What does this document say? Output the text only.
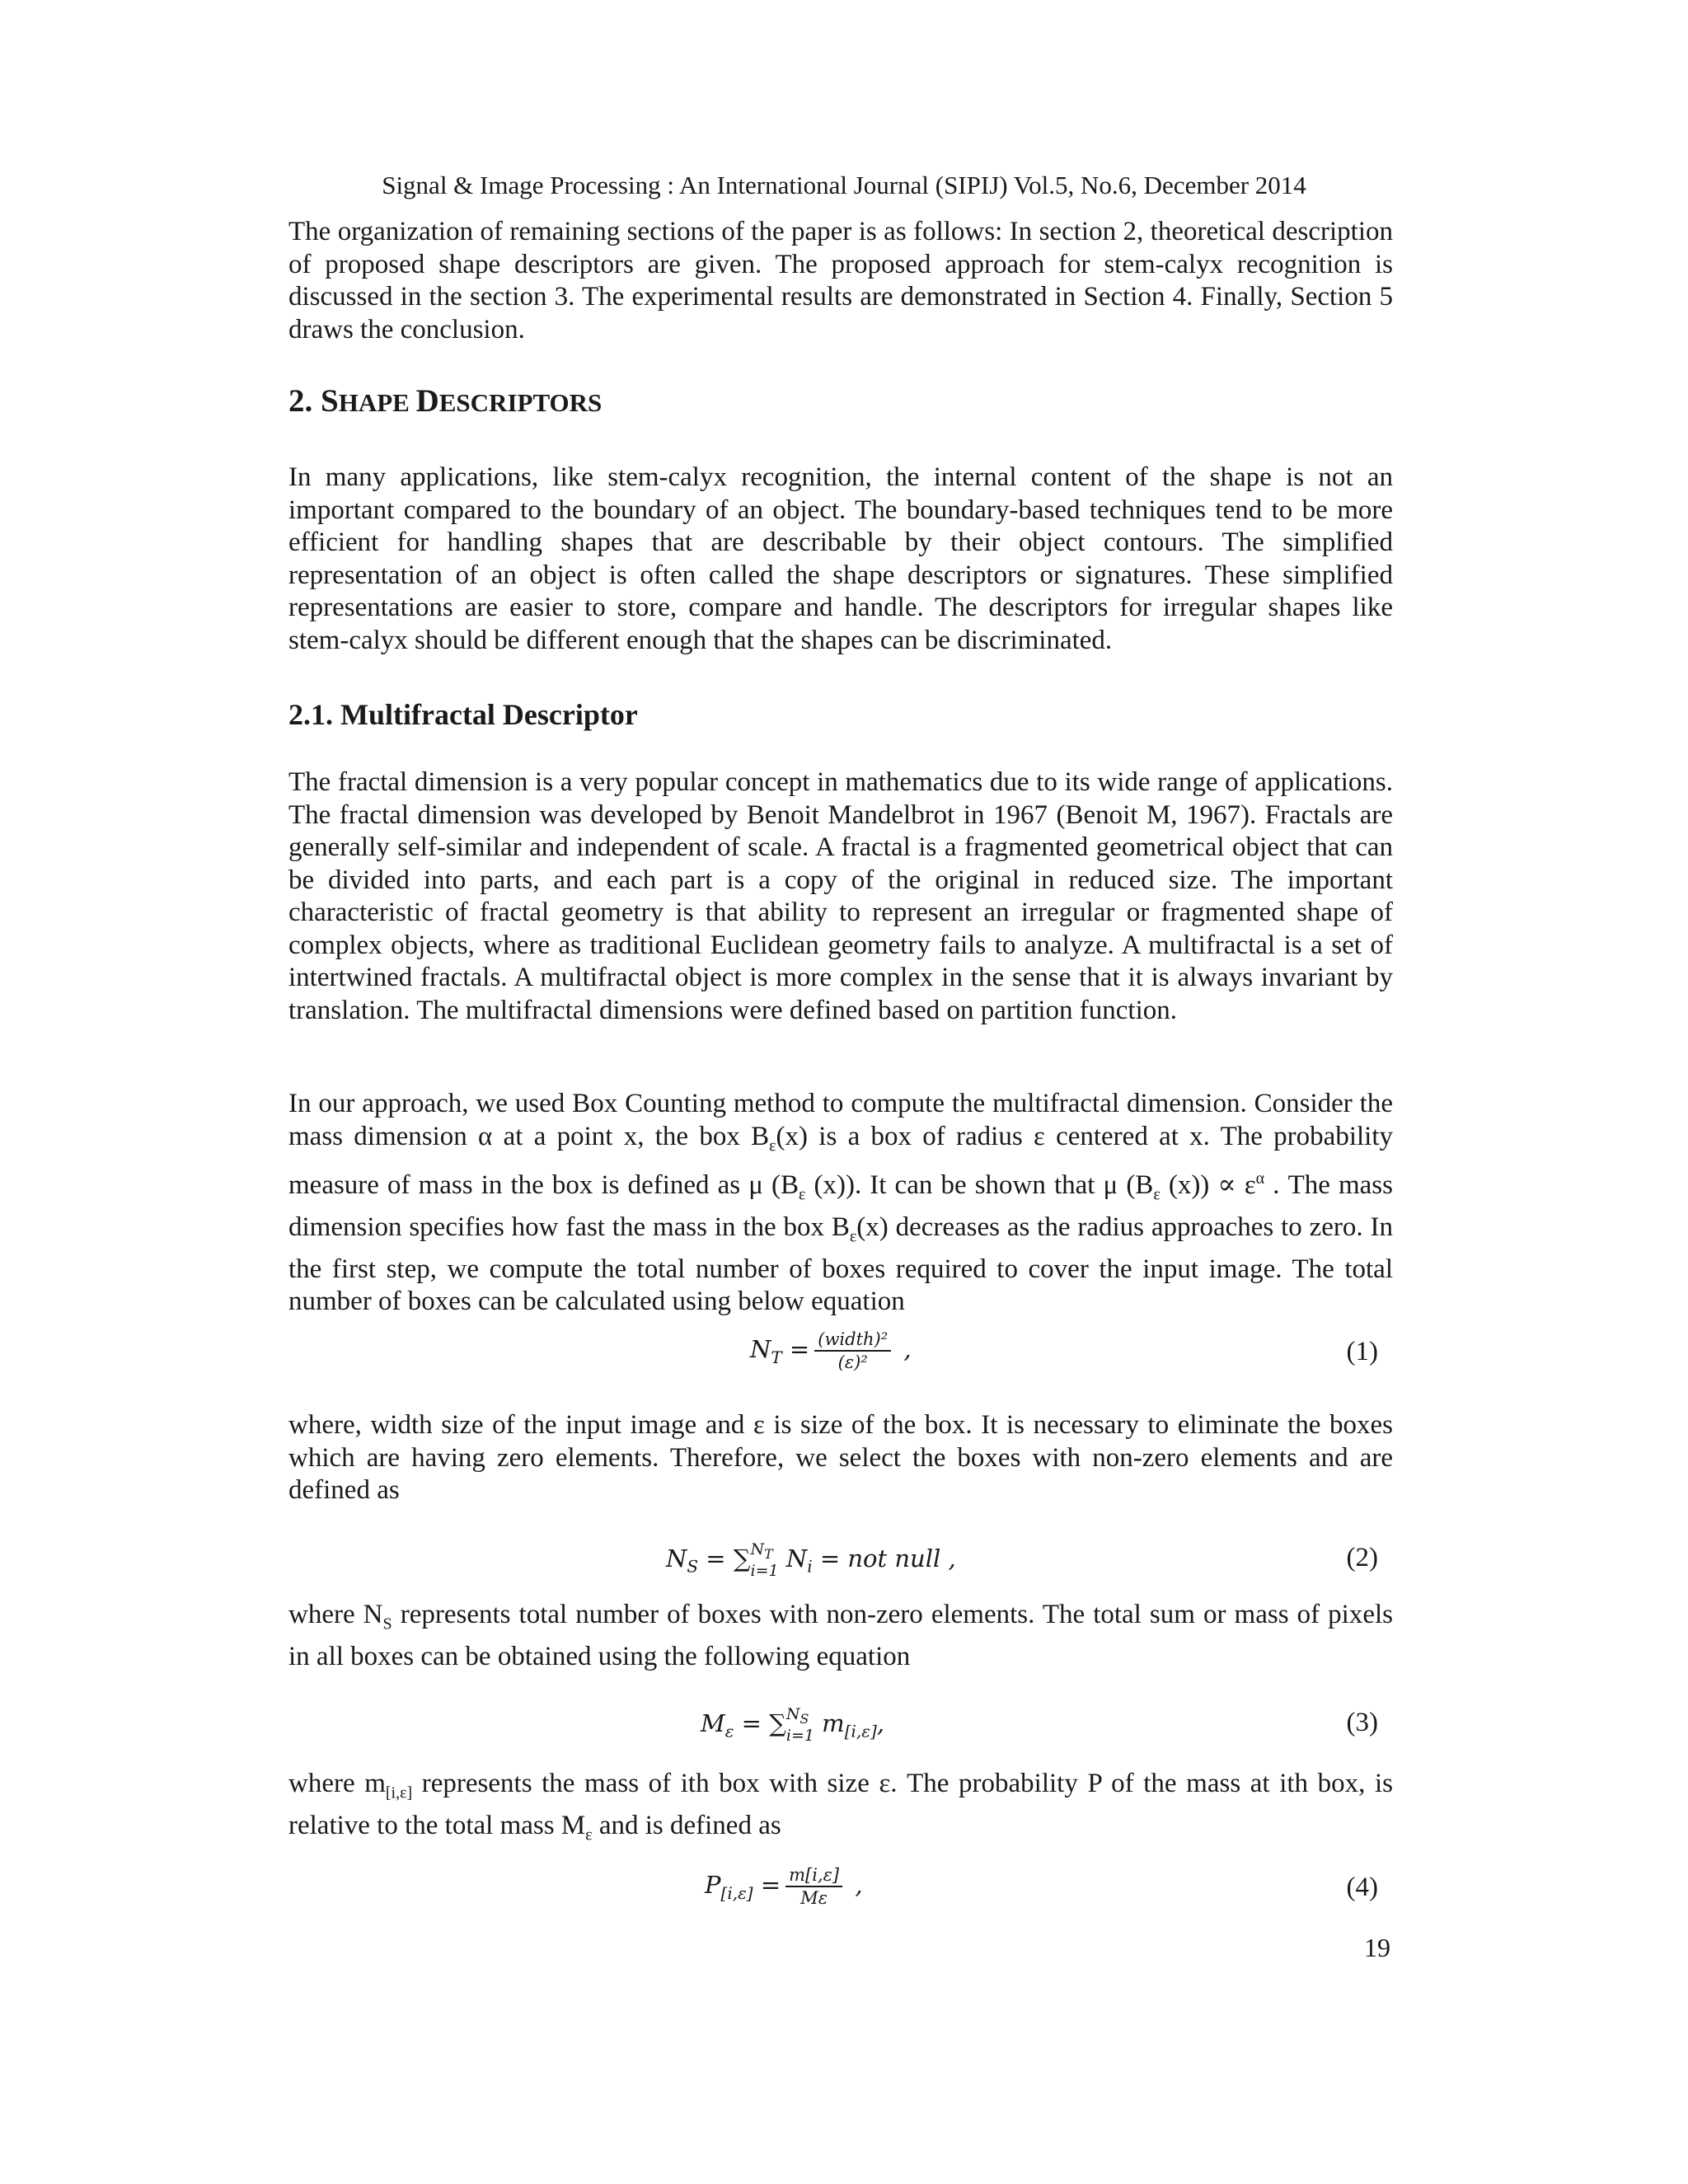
Signal & Image Processing : An International Journal (SIPIJ) Vol.5, No.6, December 2014

The organization of remaining sections of the paper is as follows: In section 2, theoretical description of proposed shape descriptors are given. The proposed approach for stem-calyx recognition is discussed in the section 3. The experimental results are demonstrated in Section 4. Finally, Section 5 draws the conclusion.

2. SHAPE DESCRIPTORS

In many applications, like stem-calyx recognition, the internal content of the shape is not an important compared to the boundary of an object. The boundary-based techniques tend to be more efficient for handling shapes that are describable by their object contours. The simplified representation of an object is often called the shape descriptors or signatures. These simplified representations are easier to store, compare and handle. The descriptors for irregular shapes like stem-calyx should be different enough that the shapes can be discriminated.

2.1. Multifractal Descriptor

The fractal dimension is a very popular concept in mathematics due to its wide range of applications. The fractal dimension was developed by Benoit Mandelbrot in 1967 (Benoit M, 1967). Fractals are generally self-similar and independent of scale. A fractal is a fragmented geometrical object that can be divided into parts, and each part is a copy of the original in reduced size. The important characteristic of fractal geometry is that ability to represent an irregular or fragmented shape of complex objects, where as traditional Euclidean geometry fails to analyze. A multifractal is a set of intertwined fractals. A multifractal object is more complex in the sense that it is always invariant by translation. The multifractal dimensions were defined based on partition function.

In our approach, we used Box Counting method to compute the multifractal dimension. Consider the mass dimension α at a point x, the box $B_\varepsilon(x)$ is a box of radius ε centered at x. The probability measure of mass in the box is defined as μ ($B_\varepsilon$ (x)). It can be shown that μ ($B_\varepsilon$ $(x)) \propto \varepsilon^\alpha$ . The mass dimension specifies how fast the mass in the box $B_\varepsilon(x)$ decreases as the radius approaches to zero. In the first step, we compute the total number of boxes required to cover the input image. The total number of boxes can be calculated using below equation

$N_T = \frac{\text{(width)²}}{\text{(ε)²}}$ ,	(1)

where, width size of the input image and ε is size of the box. It is necessary to eliminate the boxes which are having zero elements. Therefore, we select the boxes with non-zero elements and are defined as

$N_S$ = ∑ $N_T$
i=1 $N_i$ = not null ,	(2)

where $N_S$ represents total number of boxes with non-zero elements. The total sum or mass of pixels in all boxes can be obtained using the following equation

$M_\varepsilon$ = ∑ $N_S$
i=1 $m_{[i,\varepsilon]}$,	(3)

where $m_{[i,\varepsilon]}$ represents the mass of ith box with size ε. The probability P of the mass at ith box, is relative to the total mass $M_\varepsilon$ and is defined as

$P_{[i,\varepsilon]} = \frac{m[i,\varepsilon]}{M\varepsilon}$ ,	(4)
19
